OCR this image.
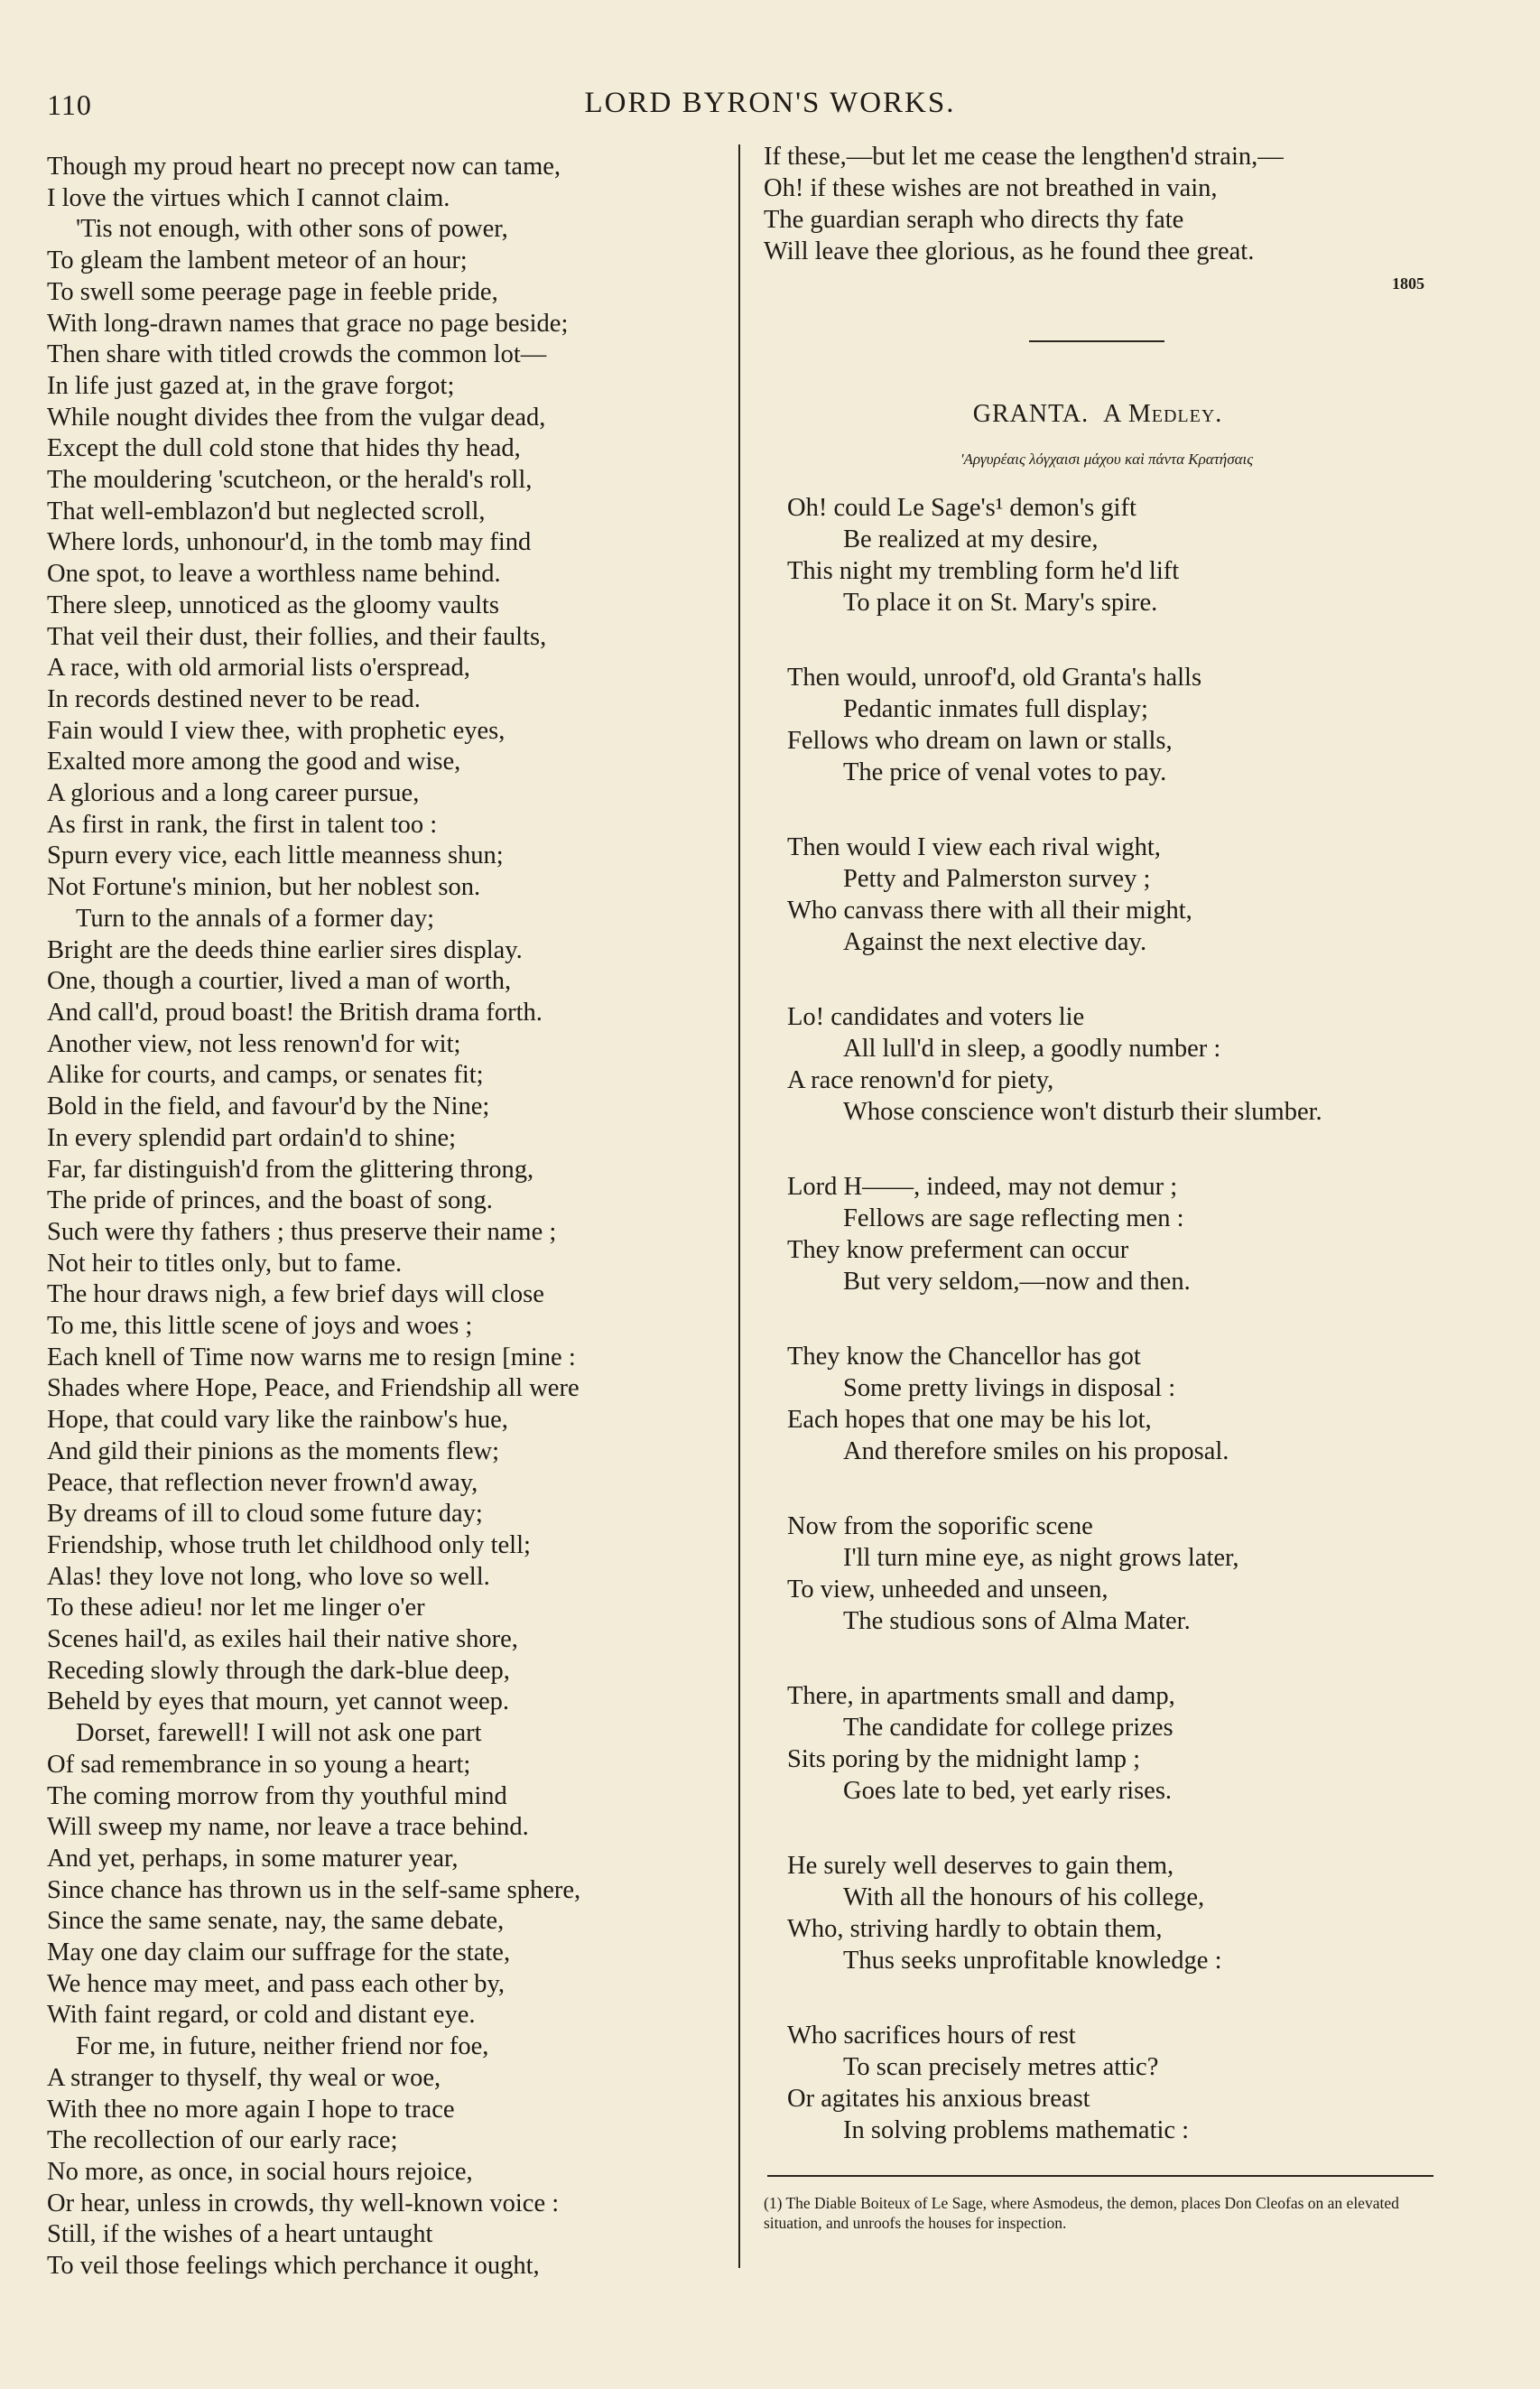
110	LORD BYRON'S WORKS.
Though my proud heart no precept now can tame,
I love the virtues which I cannot claim.
'Tis not enough, with other sons of power,
To gleam the lambent meteor of an hour;
To swell some peerage page in feeble pride,
With long-drawn names that grace no page beside;
Then share with titled crowds the common lot—
In life just gazed at, in the grave forgot;
While nought divides thee from the vulgar dead,
Except the dull cold stone that hides thy head,
The mouldering 'scutcheon, or the herald's roll,
That well-emblazon'd but neglected scroll,
Where lords, unhonour'd, in the tomb may find
One spot, to leave a worthless name behind.
There sleep, unnoticed as the gloomy vaults
That veil their dust, their follies, and their faults,
A race, with old armorial lists o'erspread,
In records destined never to be read.
Fain would I view thee, with prophetic eyes,
Exalted more among the good and wise,
A glorious and a long career pursue,
As first in rank, the first in talent too :
Spurn every vice, each little meanness shun;
Not Fortune's minion, but her noblest son.
Turn to the annals of a former day;
Bright are the deeds thine earlier sires display.
One, though a courtier, lived a man of worth,
And call'd, proud boast! the British drama forth.
Another view, not less renown'd for wit;
Alike for courts, and camps, or senates fit;
Bold in the field, and favour'd by the Nine;
In every splendid part ordain'd to shine;
Far, far distinguish'd from the glittering throng,
The pride of princes, and the boast of song.
Such were thy fathers ; thus preserve their name ;
Not heir to titles only, but to fame.
The hour draws nigh, a few brief days will close
To me, this little scene of joys and woes ;
Each knell of Time now warns me to resign [mine :
Shades where Hope, Peace, and Friendship all were
Hope, that could vary like the rainbow's hue,
And gild their pinions as the moments flew;
Peace, that reflection never frown'd away,
By dreams of ill to cloud some future day;
Friendship, whose truth let childhood only tell;
Alas! they love not long, who love so well.
To these adieu! nor let me linger o'er
Scenes hail'd, as exiles hail their native shore,
Receding slowly through the dark-blue deep,
Beheld by eyes that mourn, yet cannot weep.
Dorset, farewell! I will not ask one part
Of sad remembrance in so young a heart;
The coming morrow from thy youthful mind
Will sweep my name, nor leave a trace behind.
And yet, perhaps, in some maturer year,
Since chance has thrown us in the self-same sphere,
Since the same senate, nay, the same debate,
May one day claim our suffrage for the state,
We hence may meet, and pass each other by,
With faint regard, or cold and distant eye.
For me, in future, neither friend nor foe,
A stranger to thyself, thy weal or woe,
With thee no more again I hope to trace
The recollection of our early race;
No more, as once, in social hours rejoice,
Or hear, unless in crowds, thy well-known voice :
Still, if the wishes of a heart untaught
To veil those feelings which perchance it ought,
If these,—but let me cease the lengthen'd strain,—
Oh! if these wishes are not breathed in vain,
The guardian seraph who directs thy fate
Will leave thee glorious, as he found thee great.
1805
GRANTA. A Medley.
'Αργυρέαις λόγχαισι μάχου καὶ πάντα Κρατήσαις
Oh! could Le Sage's¹ demon's gift
Be realized at my desire,
This night my trembling form he'd lift
To place it on St. Mary's spire.
Then would, unroof'd, old Granta's halls
Pedantic inmates full display;
Fellows who dream on lawn or stalls,
The price of venal votes to pay.
Then would I view each rival wight,
Petty and Palmerston survey ;
Who canvass there with all their might,
Against the next elective day.
Lo! candidates and voters lie
All lull'd in sleep, a goodly number :
A race renown'd for piety,
Whose conscience won't disturb their slumber.
Lord H——, indeed, may not demur ;
Fellows are sage reflecting men :
They know preferment can occur
But very seldom,—now and then.
They know the Chancellor has got
Some pretty livings in disposal :
Each hopes that one may be his lot,
And therefore smiles on his proposal.
Now from the soporific scene
I'll turn mine eye, as night grows later,
To view, unheeded and unseen,
The studious sons of Alma Mater.
There, in apartments small and damp,
The candidate for college prizes
Sits poring by the midnight lamp ;
Goes late to bed, yet early rises.
He surely well deserves to gain them,
With all the honours of his college,
Who, striving hardly to obtain them,
Thus seeks unprofitable knowledge :
Who sacrifices hours of rest
To scan precisely metres attic?
Or agitates his anxious breast
In solving problems mathematic :
(1) The Diable Boiteux of Le Sage, where Asmodeus, the demon, places Don Cleofas on an elevated situation, and unroofs the houses for inspection.
